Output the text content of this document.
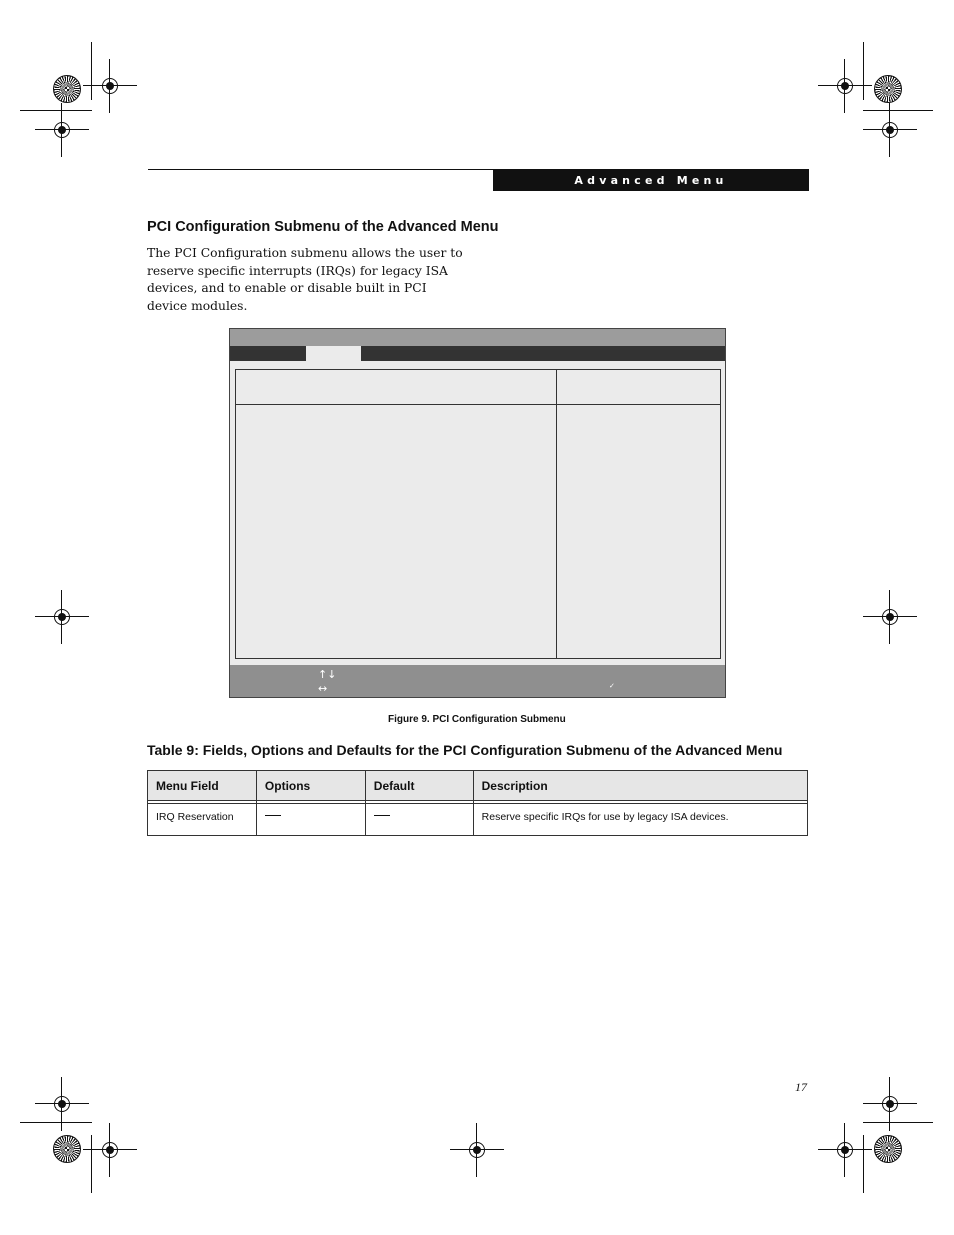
Advanced Menu
PCI Configuration Submenu of the Advanced Menu
The PCI Configuration submenu allows the user to reserve specific interrupts (IRQs) for legacy ISA devices, and to enable or disable built in PCI device modules.
↑↓
↔	✓
Figure 9. PCI Configuration Submenu
Table 9: Fields, Options and Defaults for the PCI Configuration Submenu of the Advanced Menu
Menu Field	Options	Default	Description

IRQ Reservation			Reserve specific IRQs for use by legacy ISA devices.
17
